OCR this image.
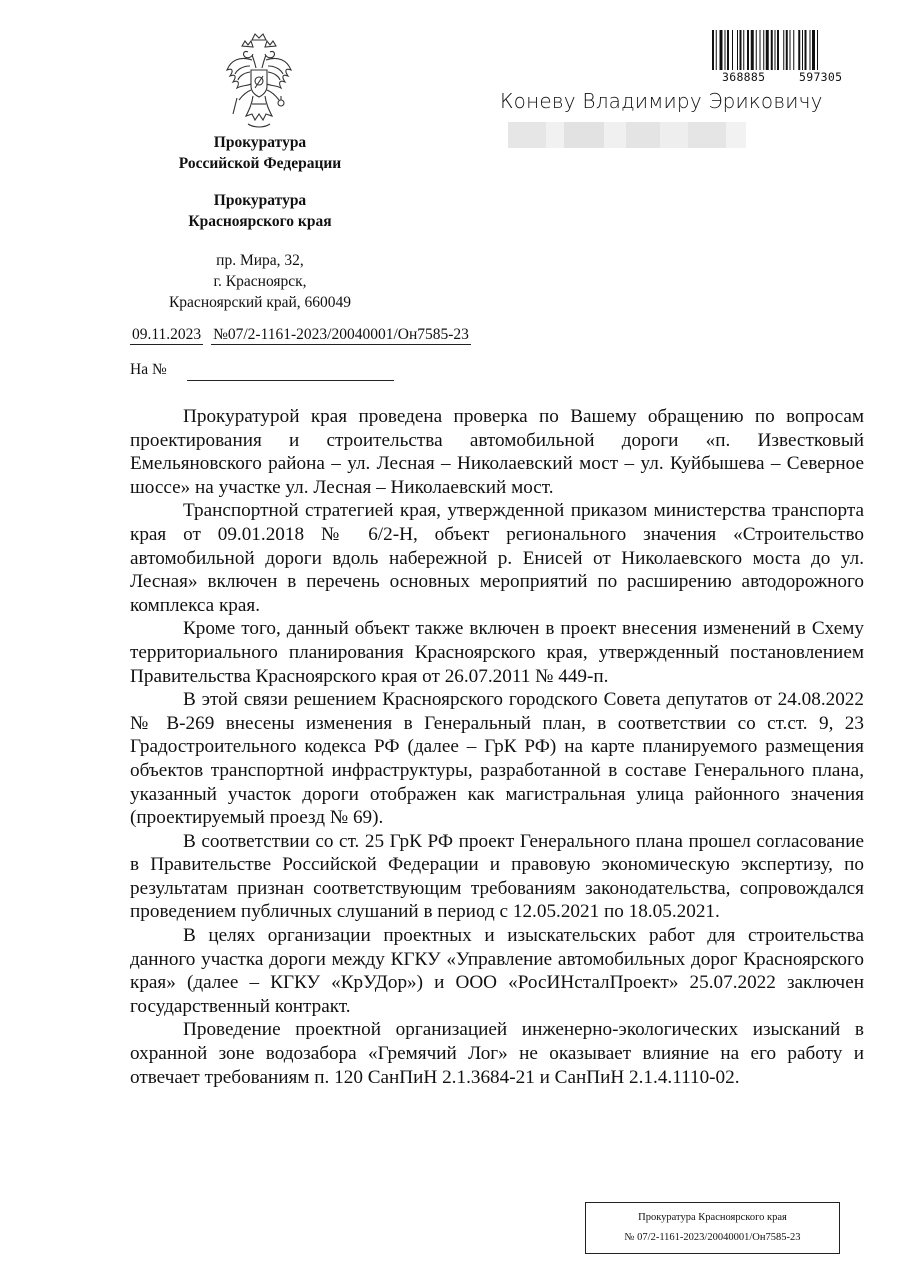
Прокуратура
Российской Федерации
Прокуратура
Красноярского края
пр. Мира, 32,
г. Красноярск,
Красноярский край, 660049
09.11.2023 №07/2-1161-2023/20040001/Он7585-23
На №
368885	597305
Коневу Владимиру Эриковичу

Прокуратурой края проведена проверка по Вашему обращению по вопросам проектирования и строительства автомобильной дороги «п. Известковый Емельяновского района – ул. Лесная – Николаевский мост – ул. Куйбышева – Северное шоссе» на участке ул. Лесная – Николаевский мост.

Транспортной стратегией края, утвержденной приказом министерства транспорта края от 09.01.2018 № 6/2-Н, объект регионального значения «Строительство автомобильной дороги вдоль набережной р. Енисей от Николаевского моста до ул. Лесная» включен в перечень основных мероприятий по расширению автодорожного комплекса края.

Кроме того, данный объект также включен в проект внесения изменений в Схему территориального планирования Красноярского края, утвержденный постановлением Правительства Красноярского края от 26.07.2011 № 449-п.

В этой связи решением Красноярского городского Совета депутатов от 24.08.2022 № В-269 внесены изменения в Генеральный план, в соответствии со ст.ст. 9, 23 Градостроительного кодекса РФ (далее – ГрК РФ) на карте планируемого размещения объектов транспортной инфраструктуры, разработанной в составе Генерального плана, указанный участок дороги отображен как магистральная улица районного значения (проектируемый проезд № 69).

В соответствии со ст. 25 ГрК РФ проект Генерального плана прошел согласование в Правительстве Российской Федерации и правовую экономическую экспертизу, по результатам признан соответствующим требованиям законодательства, сопровождался проведением публичных слушаний в период с 12.05.2021 по 18.05.2021.

В целях организации проектных и изыскательских работ для строительства данного участка дороги между КГКУ «Управление автомобильных дорог Красноярского края» (далее – КГКУ «КрУДор») и ООО «РосИНсталПроект» 25.07.2022 заключен государственный контракт.

Проведение проектной организацией инженерно-экологических изысканий в охранной зоне водозабора «Гремячий Лог» не оказывает влияние на его работу и отвечает требованиям п. 120 СанПиН 2.1.3684-21 и СанПиН 2.1.4.1110-02.

Прокуратура Красноярского края
№ 07/2-1161-2023/20040001/Он7585-23
